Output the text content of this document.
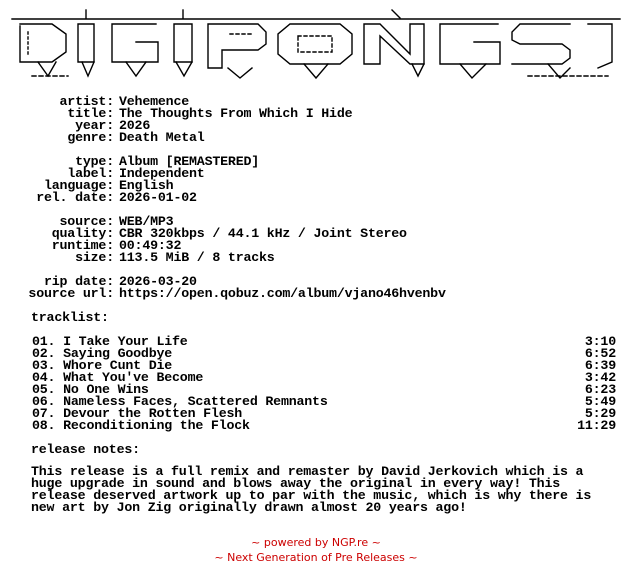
artist: Vehemence
title: The Thoughts From Which I Hide
year: 2026
genre: Death Metal
type: Album [REMASTERED]
label: Independent
language: English
rel. date: 2026-01-02
source: WEB/MP3
quality: CBR 320kbps / 44.1 kHz / Joint Stereo
runtime: 00:49:32
size: 113.5 MiB / 8 tracks
rip date: 2026-03-20
source url: https://open.qobuz.com/album/vjano46hvenbv
tracklist:
01. I Take Your Life	3:10
02. Saying Goodbye	6:52
03. Whore Cunt Die	6:39
04. What You've Become	3:42
05. No One Wins	6:23
06. Nameless Faces, Scattered Remnants	5:49
07. Devour the Rotten Flesh	5:29
08. Reconditioning the Flock	11:29
release notes:
This release is a full remix and remaster by David Jerkovich which is a
huge upgrade in sound and blows away the original in every way! This
release deserved artwork up to par with the music, which is why there is
new art by Jon Zig originally drawn almost 20 years ago!
~ powered by NGP.re ~
~ Next Generation of Pre Releases ~
